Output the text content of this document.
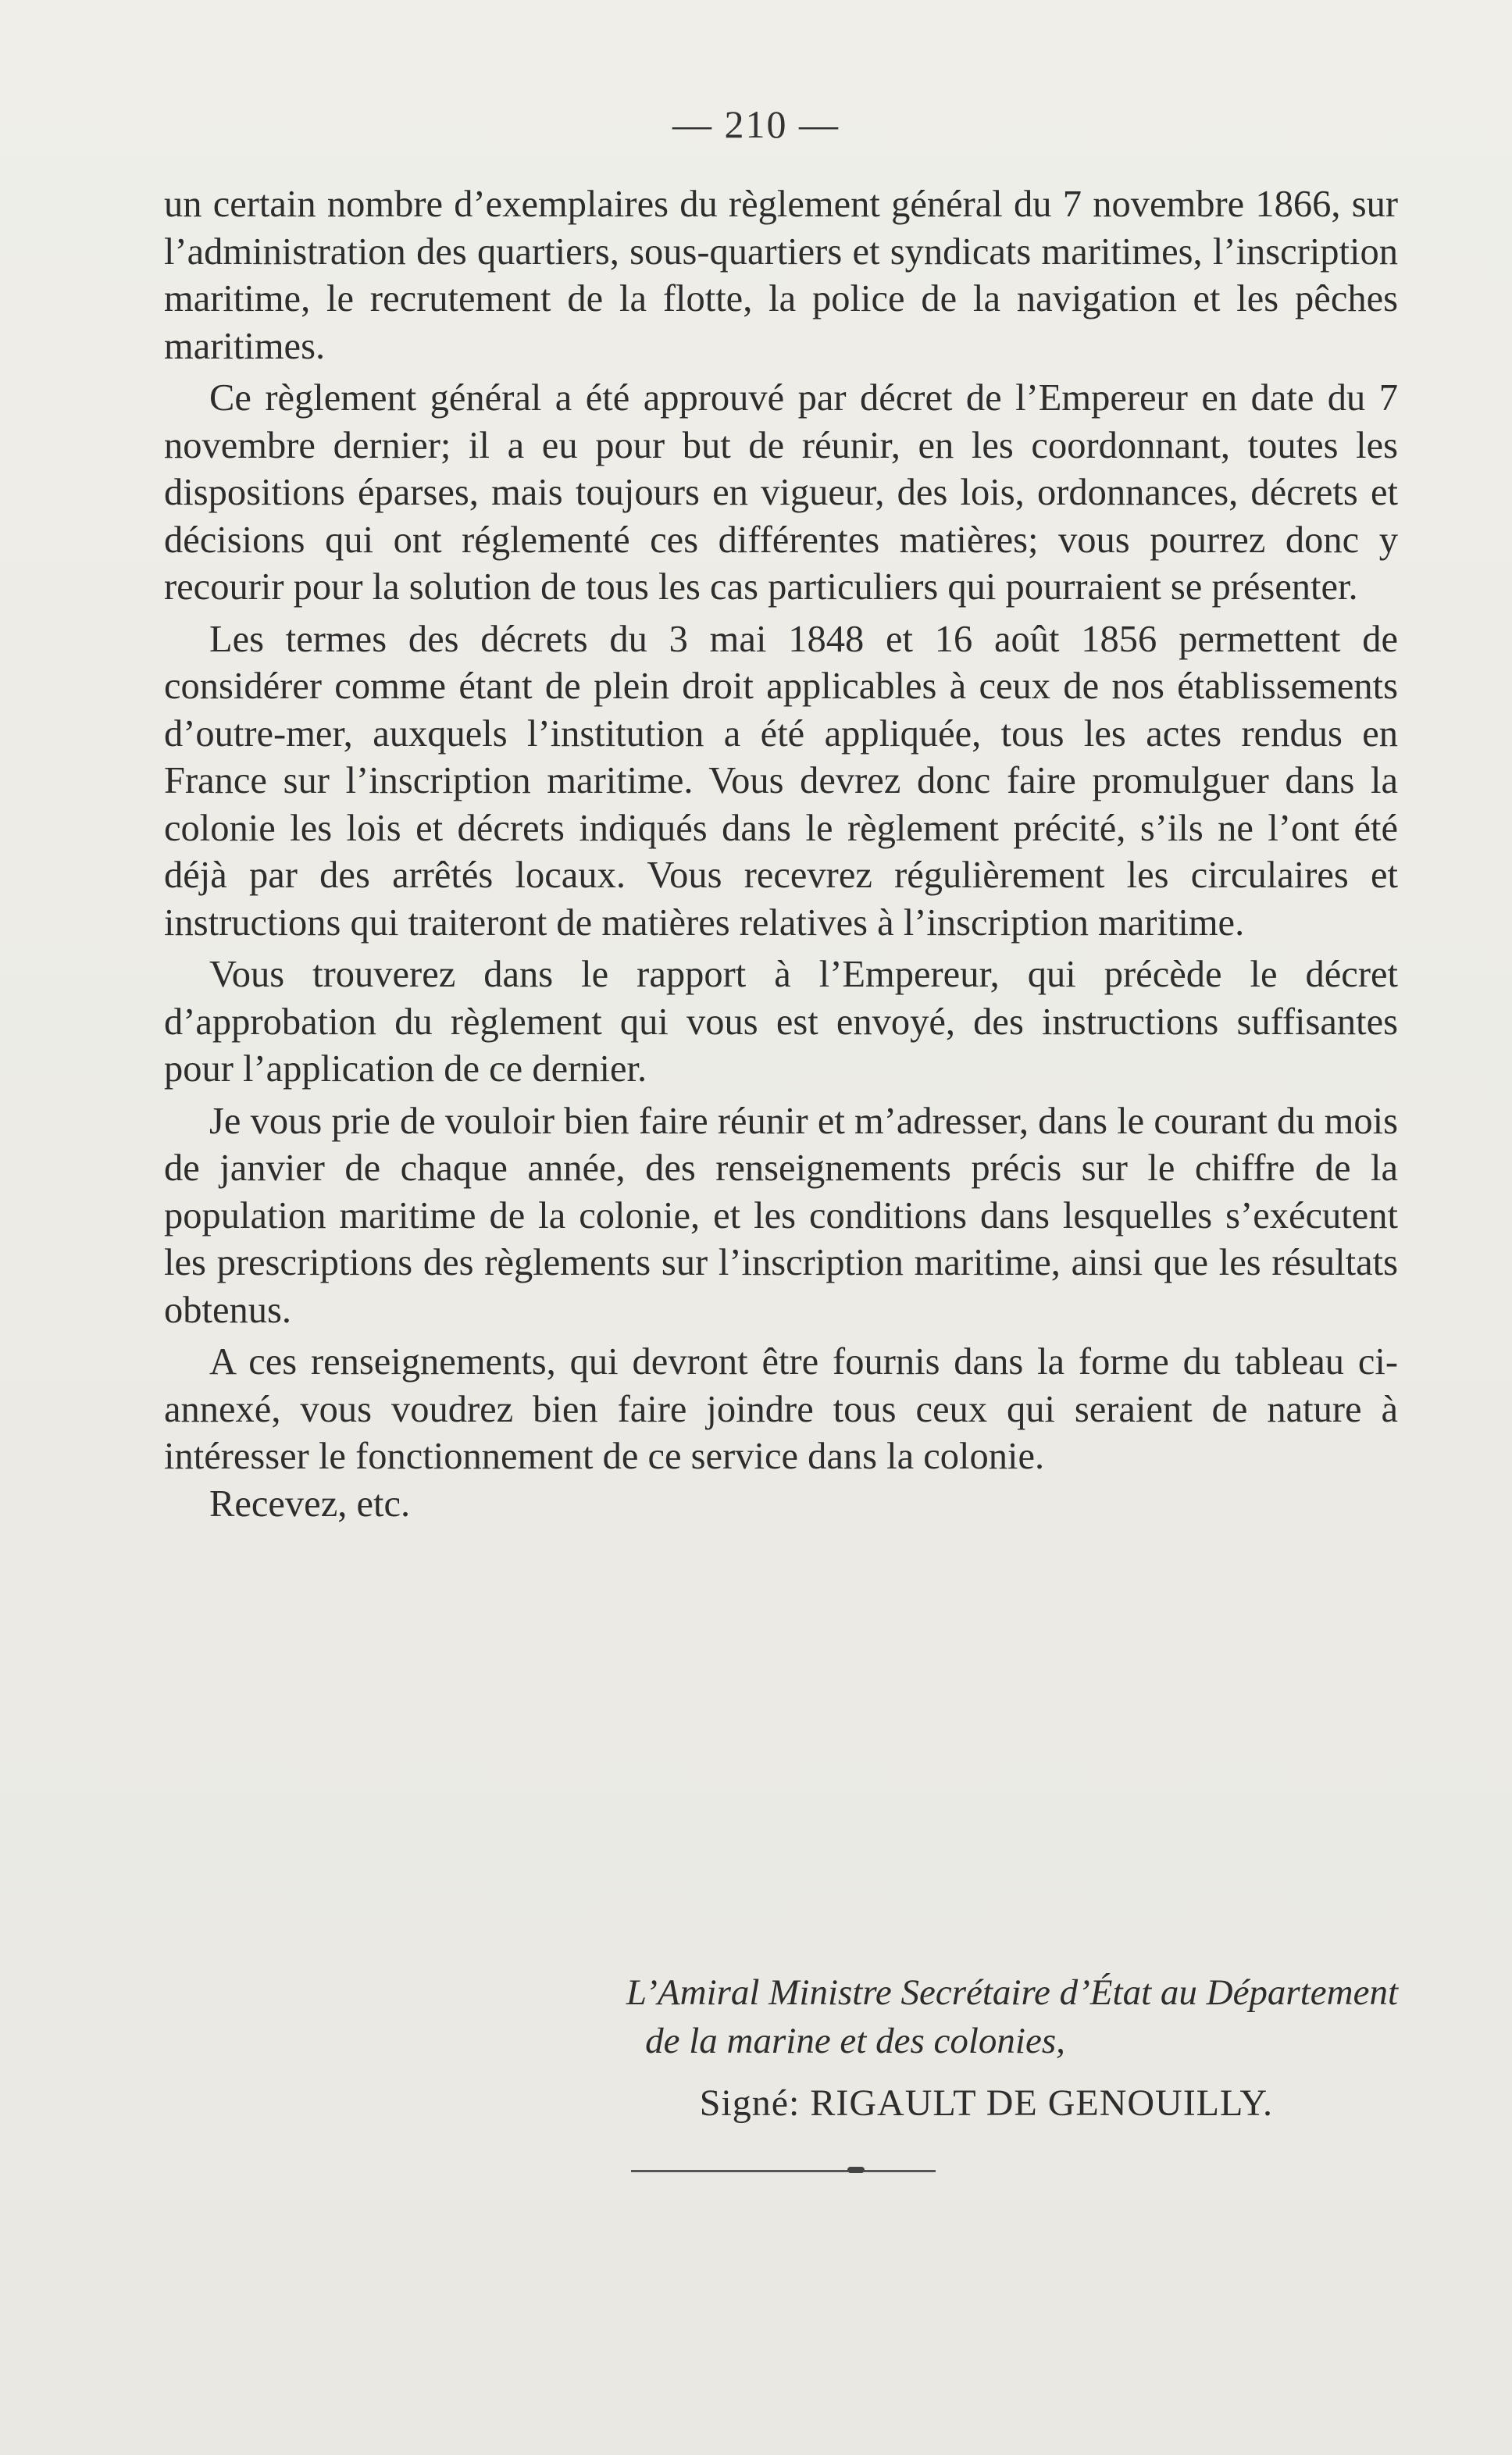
— 210 —

un certain nombre d’exemplaires du règlement général du 7 novembre 1866, sur l’administration des quartiers, sous-quartiers et syndicats maritimes, l’inscription maritime, le recrutement de la flotte, la police de la navigation et les pêches maritimes.

Ce règlement général a été approuvé par décret de l’Empereur en date du 7 novembre dernier; il a eu pour but de réunir, en les coordonnant, toutes les dispositions éparses, mais toujours en vigueur, des lois, ordonnances, décrets et décisions qui ont réglementé ces différentes matières; vous pourrez donc y recourir pour la solution de tous les cas particuliers qui pourraient se présenter.

Les termes des décrets du 3 mai 1848 et 16 août 1856 permettent de considérer comme étant de plein droit applicables à ceux de nos établissements d’outre-mer, auxquels l’institution a été appliquée, tous les actes rendus en France sur l’inscription maritime. Vous devrez donc faire promulguer dans la colonie les lois et décrets indiqués dans le règlement précité, s’ils ne l’ont été déjà par des arrêtés locaux. Vous recevrez régulièrement les circulaires et instructions qui traiteront de matières relatives à l’inscription maritime.

Vous trouverez dans le rapport à l’Empereur, qui précède le décret d’approbation du règlement qui vous est envoyé, des instructions suffisantes pour l’application de ce dernier.

Je vous prie de vouloir bien faire réunir et m’adresser, dans le courant du mois de janvier de chaque année, des renseignements précis sur le chiffre de la population maritime de la colonie, et les conditions dans lesquelles s’exécutent les prescriptions des règlements sur l’inscription maritime, ainsi que les résultats obtenus.

A ces renseignements, qui devront être fournis dans la forme du tableau ci-annexé, vous voudrez bien faire joindre tous ceux qui seraient de nature à intéresser le fonctionnement de ce service dans la colonie.

Recevez, etc.

L’Amiral Ministre Secrétaire d’État au Département
de la marine et des colonies,
Signé: RIGAULT DE GENOUILLY.
